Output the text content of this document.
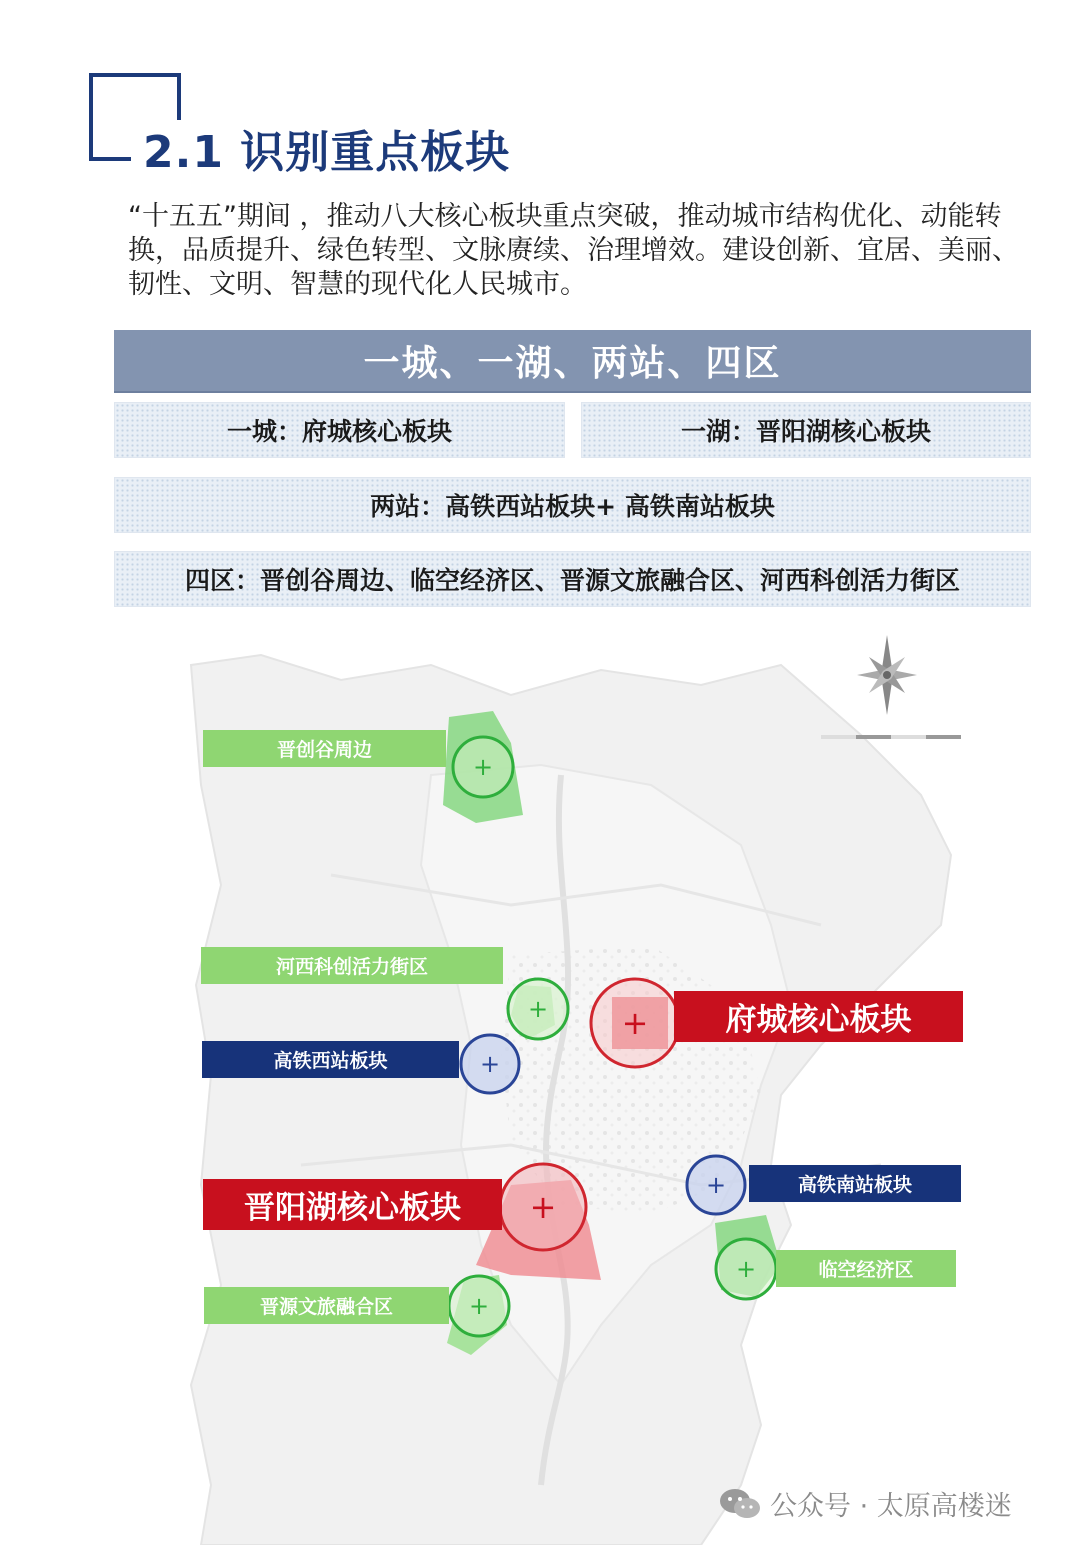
2.1 识别重点板块
“十五五”期间 ，推动八大核心板块重点突破，推动城市结构优化、动能转换，品质提升、绿色转型、文脉赓续、治理增效。建设创新、宜居、美丽、韧性、文明、智慧的现代化人民城市。
一城、一湖、两站、四区
一城：府城核心板块	一湖：晋阳湖核心板块
两站：高铁西站板块+ 高铁南站板块
四区：晋创谷周边、临空经济区、晋源文旅融合区、河西科创活力街区
+
+
+
+
+
+
+
+
晋创谷周边
河西科创活力街区
高铁西站板块
府城核心板块
晋阳湖核心板块
高铁南站板块
临空经济区
晋源文旅融合区
公众号 · 太原高楼迷
